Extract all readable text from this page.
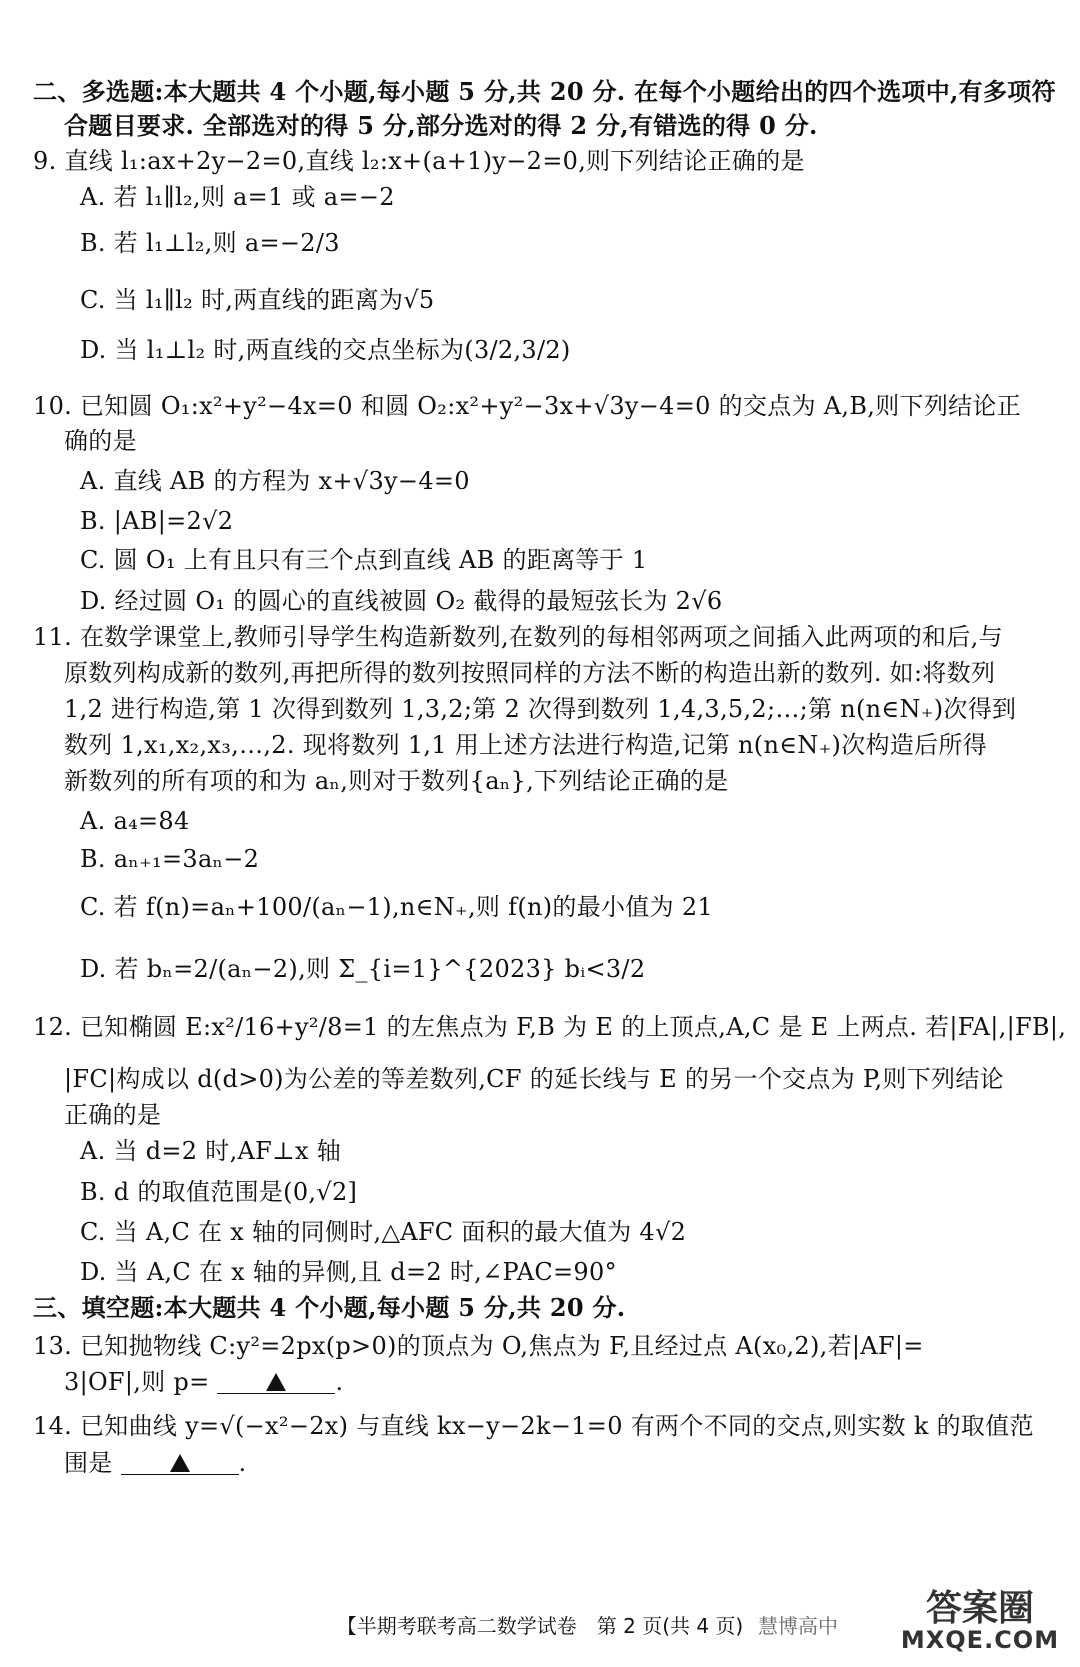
二、多选题:本大题共 4 个小题,每小题 5 分,共 20 分. 在每个小题给出的四个选项中,有多项符
合题目要求. 全部选对的得 5 分,部分选对的得 2 分,有错选的得 0 分.
9. 直线 l₁:ax+2y−2=0,直线 l₂:x+(a+1)y−2=0,则下列结论正确的是
A. 若 l₁∥l₂,则 a=1 或 a=−2
B. 若 l₁⊥l₂,则 a=−2/3
C. 当 l₁∥l₂ 时,两直线的距离为√5
D. 当 l₁⊥l₂ 时,两直线的交点坐标为(3/2,3/2)
10. 已知圆 O₁:x²+y²−4x=0 和圆 O₂:x²+y²−3x+√3y−4=0 的交点为 A,B,则下列结论正
确的是
A. 直线 AB 的方程为 x+√3y−4=0
B. |AB|=2√2
C. 圆 O₁ 上有且只有三个点到直线 AB 的距离等于 1
D. 经过圆 O₁ 的圆心的直线被圆 O₂ 截得的最短弦长为 2√6
11. 在数学课堂上,教师引导学生构造新数列,在数列的每相邻两项之间插入此两项的和后,与
原数列构成新的数列,再把所得的数列按照同样的方法不断的构造出新的数列. 如:将数列
1,2 进行构造,第 1 次得到数列 1,3,2;第 2 次得到数列 1,4,3,5,2;…;第 n(n∈N₊)次得到
数列 1,x₁,x₂,x₃,…,2. 现将数列 1,1 用上述方法进行构造,记第 n(n∈N₊)次构造后所得
新数列的所有项的和为 aₙ,则对于数列{aₙ},下列结论正确的是
A. a₄=84
B. aₙ₊₁=3aₙ−2
C. 若 f(n)=aₙ+100/(aₙ−1),n∈N₊,则 f(n)的最小值为 21
D. 若 bₙ=2/(aₙ−2),则 Σ_{i=1}^{2023} bᵢ<3/2
12. 已知椭圆 E:x²/16+y²/8=1 的左焦点为 F,B 为 E 的上顶点,A,C 是 E 上两点. 若|FA|,|FB|,
|FC|构成以 d(d>0)为公差的等差数列,CF 的延长线与 E 的另一个交点为 P,则下列结论
正确的是
A. 当 d=2 时,AF⊥x 轴
B. d 的取值范围是(0,√2]
C. 当 A,C 在 x 轴的同侧时,△AFC 面积的最大值为 4√2
D. 当 A,C 在 x 轴的异侧,且 d=2 时,∠PAC=90°
三、填空题:本大题共 4 个小题,每小题 5 分,共 20 分.
13. 已知抛物线 C:y²=2px(p>0)的顶点为 O,焦点为 F,且经过点 A(x₀,2),若|AF|=
3|OF|,则 p=	.
14. 已知曲线 y=√(−x²−2x) 与直线 kx−y−2k−1=0 有两个不同的交点,则实数 k 的取值范
围是	.
【半期考联考高二数学试卷　第 2 页(共 4 页) 慧博高中	答案圈
MXQE.COM
